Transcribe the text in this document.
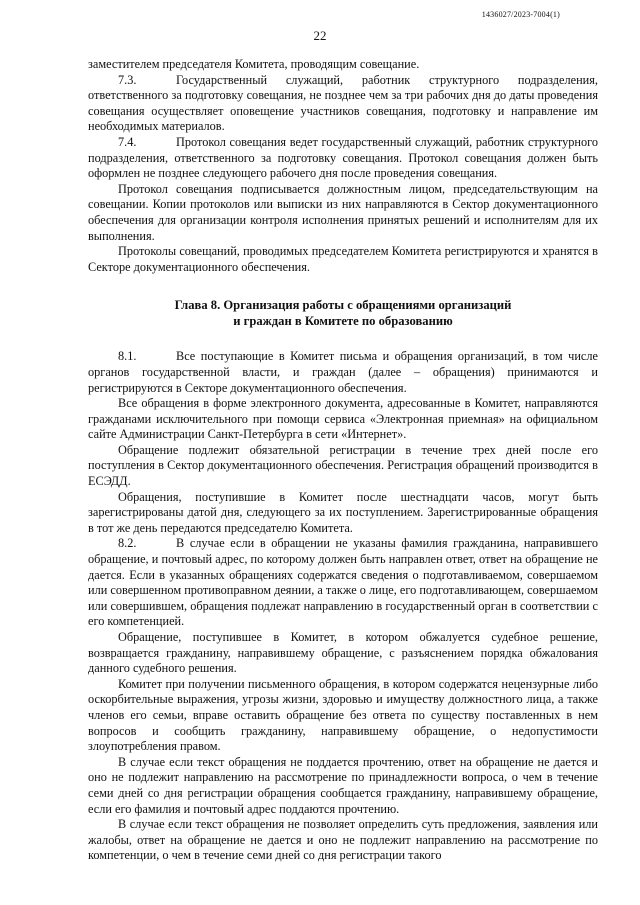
1436027/2023-7004(1)
22

заместителем председателя Комитета, проводящим совещание.

7.3.	Государственный служащий, работник структурного подразделения, ответственного за подготовку совещания, не позднее чем за три рабочих дня до даты проведения совещания осуществляет оповещение участников совещания, подготовку и направление им необходимых материалов.

7.4.	Протокол совещания ведет государственный служащий, работник структурного подразделения, ответственного за подготовку совещания. Протокол совещания должен быть оформлен не позднее следующего рабочего дня после проведения совещания.

Протокол совещания подписывается должностным лицом, председательствующим на совещании. Копии протоколов или выписки из них направляются в Сектор документационного обеспечения для организации контроля исполнения принятых решений и исполнителям для их выполнения.

Протоколы совещаний, проводимых председателем Комитета регистрируются и хранятся в Секторе документационного обеспечения.

Глава 8. Организация работы с обращениями организаций
и граждан в Комитете по образованию

8.1.	Все поступающие в Комитет письма и обращения организаций, в том числе органов государственной власти, и граждан (далее – обращения) принимаются и регистрируются в Секторе документационного обеспечения.

Все обращения в форме электронного документа, адресованные в Комитет, направляются гражданами исключительного при помощи сервиса «Электронная приемная» на официальном сайте Администрации Санкт-Петербурга в сети «Интернет».

Обращение подлежит обязательной регистрации в течение трех дней после его поступления в Сектор документационного обеспечения. Регистрация обращений производится в ЕСЭДД.

Обращения, поступившие в Комитет после шестнадцати часов, могут быть зарегистрированы датой дня, следующего за их поступлением. Зарегистрированные обращения в тот же день передаются председателю Комитета.

8.2.	В случае если в обращении не указаны фамилия гражданина, направившего обращение, и почтовый адрес, по которому должен быть направлен ответ, ответ на обращение не дается. Если в указанных обращениях содержатся сведения о подготавливаемом, совершаемом или совершенном противоправном деянии, а также о лице, его подготавливающем, совершаемом или совершившем, обращения подлежат направлению в государственный орган в соответствии с его компетенцией.

Обращение, поступившее в Комитет, в котором обжалуется судебное решение, возвращается гражданину, направившему обращение, с разъяснением порядка обжалования данного судебного решения.

Комитет при получении письменного обращения, в котором содержатся нецензурные либо оскорбительные выражения, угрозы жизни, здоровью и имуществу должностного лица, а также членов его семьи, вправе оставить обращение без ответа по существу поставленных в нем вопросов и сообщить гражданину, направившему обращение, о недопустимости злоупотребления правом.

В случае если текст обращения не поддается прочтению, ответ на обращение не дается и оно не подлежит направлению на рассмотрение по принадлежности вопроса, о чем в течение семи дней со дня регистрации обращения сообщается гражданину, направившему обращение, если его фамилия и почтовый адрес поддаются прочтению.

В случае если текст обращения не позволяет определить суть предложения, заявления или жалобы, ответ на обращение не дается и оно не подлежит направлению на рассмотрение по компетенции, о чем в течение семи дней со дня регистрации такого
